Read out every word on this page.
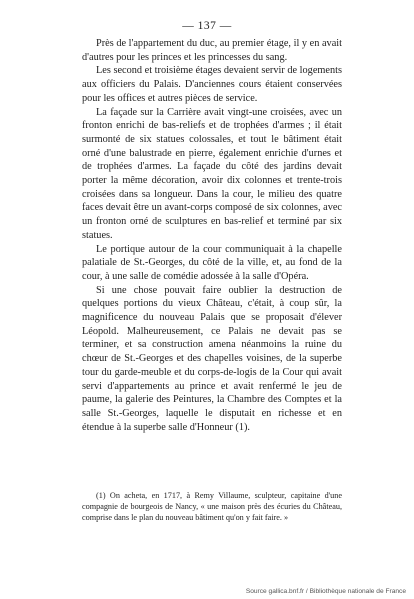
— 137 —

Près de l'appartement du duc, au premier étage, il y en avait d'autres pour les princes et les princesses du sang.

Les second et troisième étages devaient servir de logements aux officiers du Palais. D'anciennes cours étaient conservées pour les offices et autres pièces de service.

La façade sur la Carrière avait vingt-une croisées, avec un fronton enrichi de bas-reliefs et de trophées d'armes ; il était surmonté de six statues colossales, et tout le bâtiment était orné d'une balustrade en pierre, également enrichie d'urnes et de trophées d'armes. La façade du côté des jardins devait porter la même décoration, avoir dix colonnes et trente-trois croisées dans sa longueur. Dans la cour, le milieu des quatre faces devait être un avant-corps composé de six colonnes, avec un fronton orné de sculptures en bas-relief et terminé par six statues.

Le portique autour de la cour communiquait à la chapelle palatiale de St.-Georges, du côté de la ville, et, au fond de la cour, à une salle de comédie adossée à la salle d'Opéra.

Si une chose pouvait faire oublier la destruction de quelques portions du vieux Château, c'était, à coup sûr, la magnificence du nouveau Palais que se proposait d'élever Léopold. Malheureusement, ce Palais ne devait pas se terminer, et sa construction amena néanmoins la ruine du chœur de St.-Georges et des chapelles voisines, de la superbe tour du garde-meuble et du corps-de-logis de la Cour qui avait servi d'appartements au prince et avait renfermé le jeu de paume, la galerie des Peintures, la Chambre des Comptes et la salle St.-Georges, laquelle le disputait en richesse et en étendue à la superbe salle d'Honneur (1).

(1) On acheta, en 1717, à Remy Villaume, sculpteur, capitaine d'une compagnie de bourgeois de Nancy, « une maison près des écuries du Château, comprise dans le plan du nouveau bâtiment qu'on y fait faire. »

Source gallica.bnf.fr / Bibliothèque nationale de France
